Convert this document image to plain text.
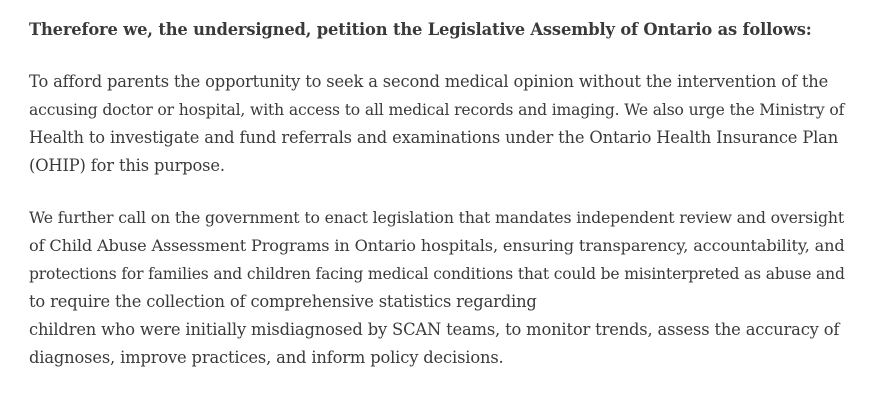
Therefore we, the undersigned, petition the Legislative Assembly of Ontario as follows:

To afford parents the opportunity to seek a second medical opinion without the intervention of the
accusing doctor or hospital, with access to all medical records and imaging. We also urge the Ministry of
Health to investigate and fund referrals and examinations under the Ontario Health Insurance Plan
(OHIP) for this purpose.

We further call on the government to enact legislation that mandates independent review and oversight
of Child Abuse Assessment Programs in Ontario hospitals, ensuring transparency, accountability, and
protections for families and children facing medical conditions that could be misinterpreted as abuse and
to require the collection of comprehensive statistics regarding
children who were initially misdiagnosed by SCAN teams, to monitor trends, assess the accuracy of
diagnoses, improve practices, and inform policy decisions.
